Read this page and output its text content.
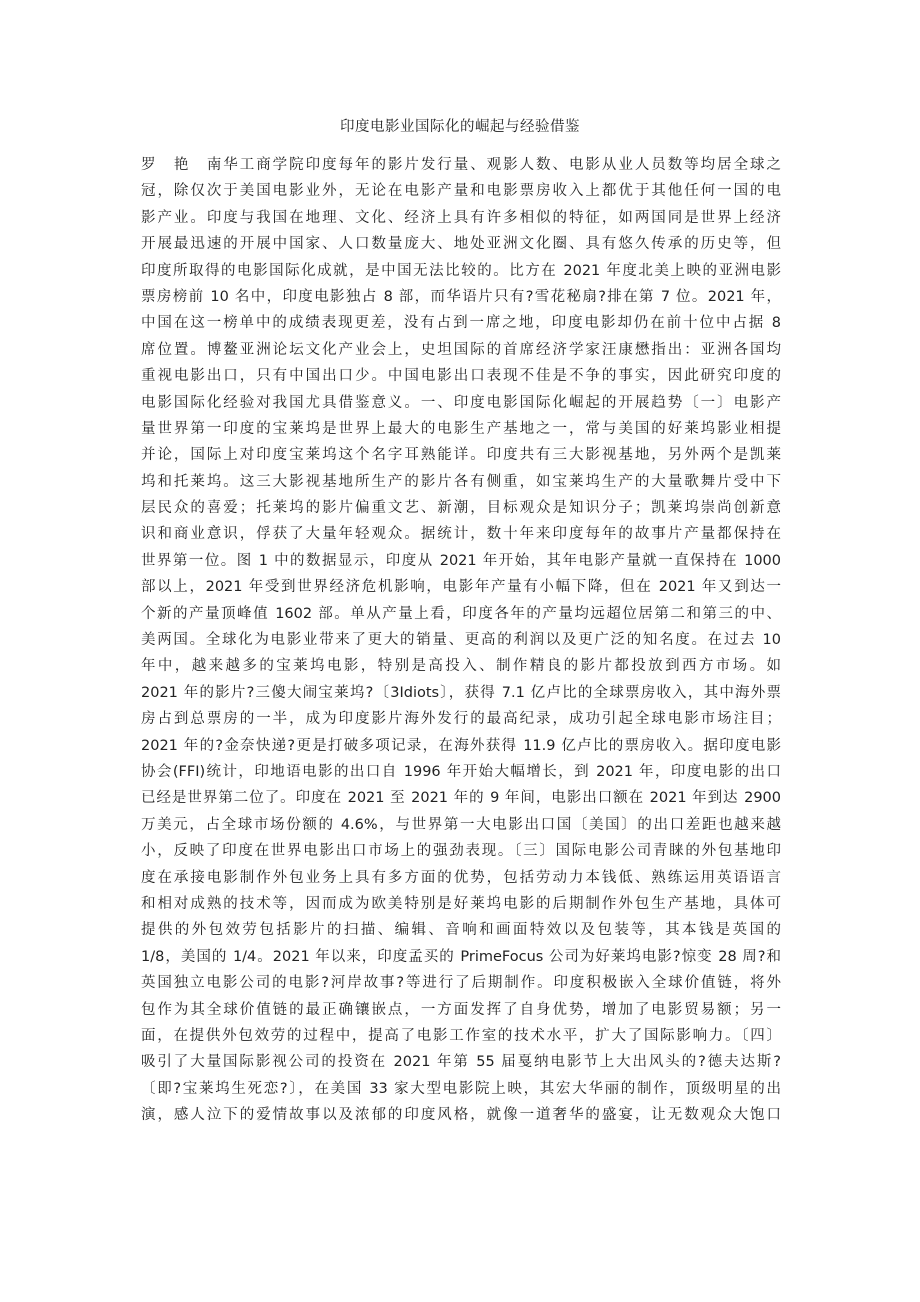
印度电影业国际化的崛起与经验借鉴
罗　艳　南华工商学院印度每年的影片发行量、观影人数、电影从业人员数等均居全球之
冠，除仅次于美国电影业外，无论在电影产量和电影票房收入上都优于其他任何一国的电
影产业。印度与我国在地理、文化、经济上具有许多相似的特征，如两国同是世界上经济
开展最迅速的开展中国家、人口数量庞大、地处亚洲文化圈、具有悠久传承的历史等，但
印度所取得的电影国际化成就，是中国无法比较的。比方在 2021 年度北美上映的亚洲电影
票房榜前 10 名中，印度电影独占 8 部，而华语片只有?雪花秘扇?排在第 7 位。2021 年，
中国在这一榜单中的成绩表现更差，没有占到一席之地，印度电影却仍在前十位中占据 8
席位置。博鳌亚洲论坛文化产业会上，史坦国际的首席经济学家汪康懋指出：亚洲各国均
重视电影出口，只有中国出口少。中国电影出口表现不佳是不争的事实，因此研究印度的
电影国际化经验对我国尤具借鉴意义。一、印度电影国际化崛起的开展趋势〔一〕电影产
量世界第一印度的宝莱坞是世界上最大的电影生产基地之一，常与美国的好莱坞影业相提
并论，国际上对印度宝莱坞这个名字耳熟能详。印度共有三大影视基地，另外两个是凯莱
坞和托莱坞。这三大影视基地所生产的影片各有侧重，如宝莱坞生产的大量歌舞片受中下
层民众的喜爱；托莱坞的影片偏重文艺、新潮，目标观众是知识分子；凯莱坞崇尚创新意
识和商业意识，俘获了大量年轻观众。据统计，数十年来印度每年的故事片产量都保持在
世界第一位。图 1 中的数据显示，印度从 2021 年开始，其年电影产量就一直保持在 1000
部以上，2021 年受到世界经济危机影响，电影年产量有小幅下降，但在 2021 年又到达一
个新的产量顶峰值 1602 部。单从产量上看，印度各年的产量均远超位居第二和第三的中、
美两国。全球化为电影业带来了更大的销量、更高的利润以及更广泛的知名度。在过去 10
年中，越来越多的宝莱坞电影，特别是高投入、制作精良的影片都投放到西方市场。如
2021 年的影片?三傻大闹宝莱坞?〔3Idiots〕，获得 7.1 亿卢比的全球票房收入，其中海外票
房占到总票房的一半，成为印度影片海外发行的最高纪录，成功引起全球电影市场注目；
2021 年的?金奈快递?更是打破多项记录，在海外获得 11.9 亿卢比的票房收入。据印度电影
协会(FFI)统计，印地语电影的出口自 1996 年开始大幅增长，到 2021 年，印度电影的出口
已经是世界第二位了。印度在 2021 至 2021 年的 9 年间，电影出口额在 2021 年到达 2900
万美元，占全球市场份额的 4.6%，与世界第一大电影出口国〔美国〕的出口差距也越来越
小，反映了印度在世界电影出口市场上的强劲表现。〔三〕国际电影公司青睐的外包基地印
度在承接电影制作外包业务上具有多方面的优势，包括劳动力本钱低、熟练运用英语语言
和相对成熟的技术等，因而成为欧美特别是好莱坞电影的后期制作外包生产基地，具体可
提供的外包效劳包括影片的扫描、编辑、音响和画面特效以及包装等，其本钱是英国的
1/8，美国的 1/4。2021 年以来，印度孟买的 PrimeFocus 公司为好莱坞电影?惊变 28 周?和
英国独立电影公司的电影?河岸故事?等进行了后期制作。印度积极嵌入全球价值链，将外
包作为其全球价值链的最正确镶嵌点，一方面发挥了自身优势，增加了电影贸易额；另一
面，在提供外包效劳的过程中，提高了电影工作室的技术水平，扩大了国际影响力。〔四〕
吸引了大量国际影视公司的投资在 2021 年第 55 届戛纳电影节上大出风头的?德夫达斯?
〔即?宝莱坞生死恋?〕，在美国 33 家大型电影院上映，其宏大华丽的制作，顶级明星的出
演，感人泣下的爱情故事以及浓郁的印度风格，就像一道奢华的盛宴，让无数观众大饱口
